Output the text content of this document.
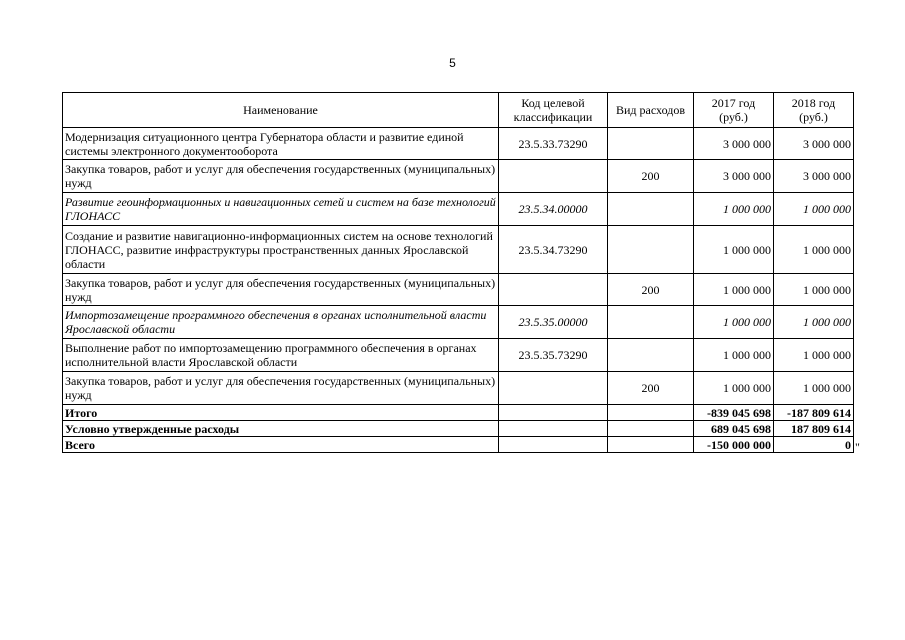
5
Наименование	Код целевой классификации	Вид расходов	2017 год (руб.)	2018 год (руб.)
Модернизация ситуационного центра Губернатора области и развитие единой системы электронного документооборота	23.5.33.73290		3 000 000	3 000 000
Закупка товаров, работ и услуг для обеспечения государственных (муниципальных) нужд		200	3 000 000	3 000 000
Развитие геоинформационных и навигационных сетей и систем на базе технологий ГЛОНАСС	23.5.34.00000		1 000 000	1 000 000
Создание и развитие навигационно-информационных систем на основе технологий ГЛОНАСС, развитие инфраструктуры пространственных данных Ярославской области	23.5.34.73290		1 000 000	1 000 000
Закупка товаров, работ и услуг для обеспечения государственных (муниципальных) нужд		200	1 000 000	1 000 000
Импортозамещение программного обеспечения в органах исполнительной власти Ярославской области	23.5.35.00000		1 000 000	1 000 000
Выполнение работ по импортозамещению программного обеспечения в органах исполнительной власти Ярославской области	23.5.35.73290		1 000 000	1 000 000
Закупка товаров, работ и услуг для обеспечения государственных (муниципальных) нужд		200	1 000 000	1 000 000
Итого			-839 045 698	-187 809 614
Условно утвержденные расходы			689 045 698	187 809 614
Всего			-150 000 000	0 "
